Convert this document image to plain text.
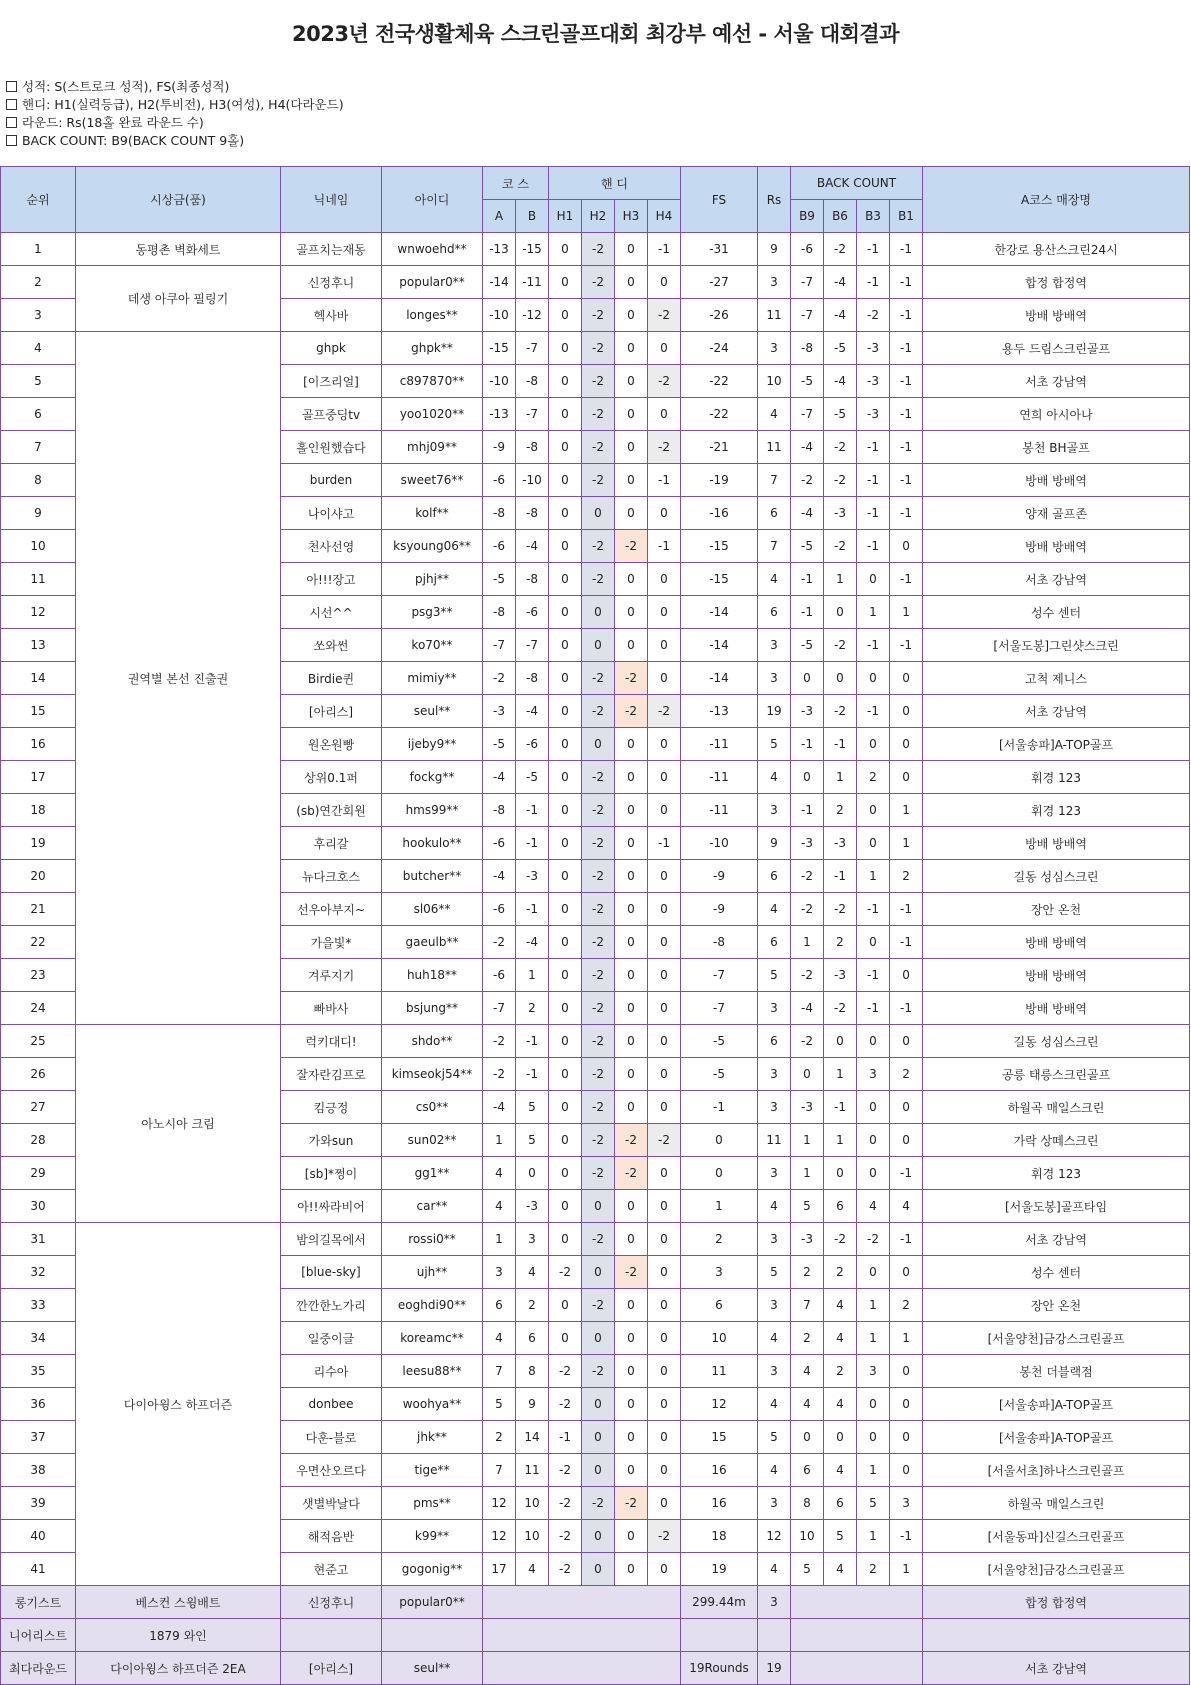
2023년 전국생활체육 스크린골프대회 최강부 예선 - 서울 대회결과
성적: S(스트로크 성적), FS(최종성적)
핸디: H1(실력등급), H2(투비전), H3(여성), H4(다라운드)
라운드: Rs(18홀 완료 라운드 수)
BACK COUNT: B9(BACK COUNT 9홀)
순위	시상금(품)	닉네임	아이디	코 스		핸 디				FS	Rs	BACK COUNT				A코스 매장명
				A	B	H1	H2	H3	H4			B9	B6	B3	B1	
1	동평촌 벽화세트	골프치는재동	wnwoehd**	-13	-15	0	-2	0	-1	-31	9	-6	-2	-1	-1	한강로 용산스크린24시
2	데생 아쿠아 필링기	신정후니	popular0**	-14	-11	0	-2	0	0	-27	3	-7	-4	-1	-1	합정 합정역
3		헥사바	longes**	-10	-12	0	-2	0	-2	-26	11	-7	-4	-2	-1	방배 방배역
4	권역별 본선 진출권	ghpk	ghpk**	-15	-7	0	-2	0	0	-24	3	-8	-5	-3	-1	용두 드림스크린골프
5		[이즈리얼]	c897870**	-10	-8	0	-2	0	-2	-22	10	-5	-4	-3	-1	서초 강남역
6		골프중딩tv	yoo1020**	-13	-7	0	-2	0	0	-22	4	-7	-5	-3	-1	연희 아시아나
7		홀인원했습다	mhj09**	-9	-8	0	-2	0	-2	-21	11	-4	-2	-1	-1	봉천 BH골프
8		burden	sweet76**	-6	-10	0	-2	0	-1	-19	7	-2	-2	-1	-1	방배 방배역
9		나이샤고	kolf**	-8	-8	0	0	0	0	-16	6	-4	-3	-1	-1	양재 골프존
10		천사선영	ksyoung06**	-6	-4	0	-2	-2	-1	-15	7	-5	-2	-1	0	방배 방배역
11		아!!!장고	pjhj**	-5	-8	0	-2	0	0	-15	4	-1	1	0	-1	서초 강남역
12		시선^^	psg3**	-8	-6	0	0	0	0	-14	6	-1	0	1	1	성수 센터
13		쏘와썬	ko70**	-7	-7	0	0	0	0	-14	3	-5	-2	-1	-1	[서울도봉]그린샷스크린
14		Birdie퀸	mimiy**	-2	-8	0	-2	-2	0	-14	3	0	0	0	0	고척 제니스
15		[아리스]	seul**	-3	-4	0	-2	-2	-2	-13	19	-3	-2	-1	0	서초 강남역
16		원온원빵	ijeby9**	-5	-6	0	0	0	0	-11	5	-1	-1	0	0	[서울송파]A-TOP골프
17		상위0.1퍼	fockg**	-4	-5	0	-2	0	0	-11	4	0	1	2	0	휘경 123
18		(sb)연간회원	hms99**	-8	-1	0	-2	0	0	-11	3	-1	2	0	1	휘경 123
19		후리갈	hookulo**	-6	-1	0	-2	0	-1	-10	9	-3	-3	0	1	방배 방배역
20		뉴다크호스	butcher**	-4	-3	0	-2	0	0	-9	6	-2	-1	1	2	길동 성심스크린
21		선우아부지~	sl06**	-6	-1	0	-2	0	0	-9	4	-2	-2	-1	-1	장안 온천
22		가을빛*	gaeulb**	-2	-4	0	-2	0	0	-8	6	1	2	0	-1	방배 방배역
23		겨루지기	huh18**	-6	1	0	-2	0	0	-7	5	-2	-3	-1	0	방배 방배역
24		빠바사	bsjung**	-7	2	0	-2	0	0	-7	3	-4	-2	-1	-1	방배 방배역
25	아노시아 크림	럭키대디!	shdo**	-2	-1	0	-2	0	0	-5	6	-2	0	0	0	길동 성심스크린
26		잘자란김프로	kimseokj54**	-2	-1	0	-2	0	0	-5	3	0	1	3	2	공릉 태릉스크린골프
27		킴긍정	cs0**	-4	5	0	-2	0	0	-1	3	-3	-1	0	0	하월곡 매일스크린
28		가와sun	sun02**	1	5	0	-2	-2	-2	0	11	1	1	0	0	가락 상떼스크린
29		[sb]*쩡이	gg1**	4	0	0	-2	-2	0	0	3	1	0	0	-1	휘경 123
30		아!!싸라비어	car**	4	-3	0	0	0	0	1	4	5	6	4	4	[서울도봉]골프타임
31	다이아윙스 하프더즌	밤의길목에서	rossi0**	1	3	0	-2	0	0	2	3	-3	-2	-2	-1	서초 강남역
32		[blue-sky]	ujh**	3	4	-2	0	-2	0	3	5	2	2	0	0	성수 센터
33		깐깐한노가리	eoghdi90**	6	2	0	-2	0	0	6	3	7	4	1	2	장안 온천
34		일중이글	koreamc**	4	6	0	0	0	0	10	4	2	4	1	1	[서울양천]금강스크린골프
35		리수아	leesu88**	7	8	-2	-2	0	0	11	3	4	2	3	0	봉천 더블랙점
36		donbee	woohya**	5	9	-2	0	0	0	12	4	4	4	0	0	[서울송파]A-TOP골프
37		다훈-블로	jhk**	2	14	-1	0	0	0	15	5	0	0	0	0	[서울송파]A-TOP골프
38		우면산오르다	tige**	7	11	-2	0	0	0	16	4	6	4	1	0	[서울서초]하나스크린골프
39		샛별박날다	pms**	12	10	-2	-2	-2	0	16	3	8	6	5	3	하월곡 매일스크린
40		해적음반	k99**	12	10	-2	0	0	-2	18	12	10	5	1	-1	[서울동파]신길스크린골프
41		현준고	gogonig**	17	4	-2	0	0	0	19	4	5	4	2	1	[서울양천]금강스크린골프
롱기스트	베스컨 스윙배트	신정후니	popular0**							299.44m	3					합정 합정역
니어리스트	1879 와인															
최다라운드	다이아윙스 하프더즌 2EA	[아리스]	seul**							19Rounds	19					서초 강남역
